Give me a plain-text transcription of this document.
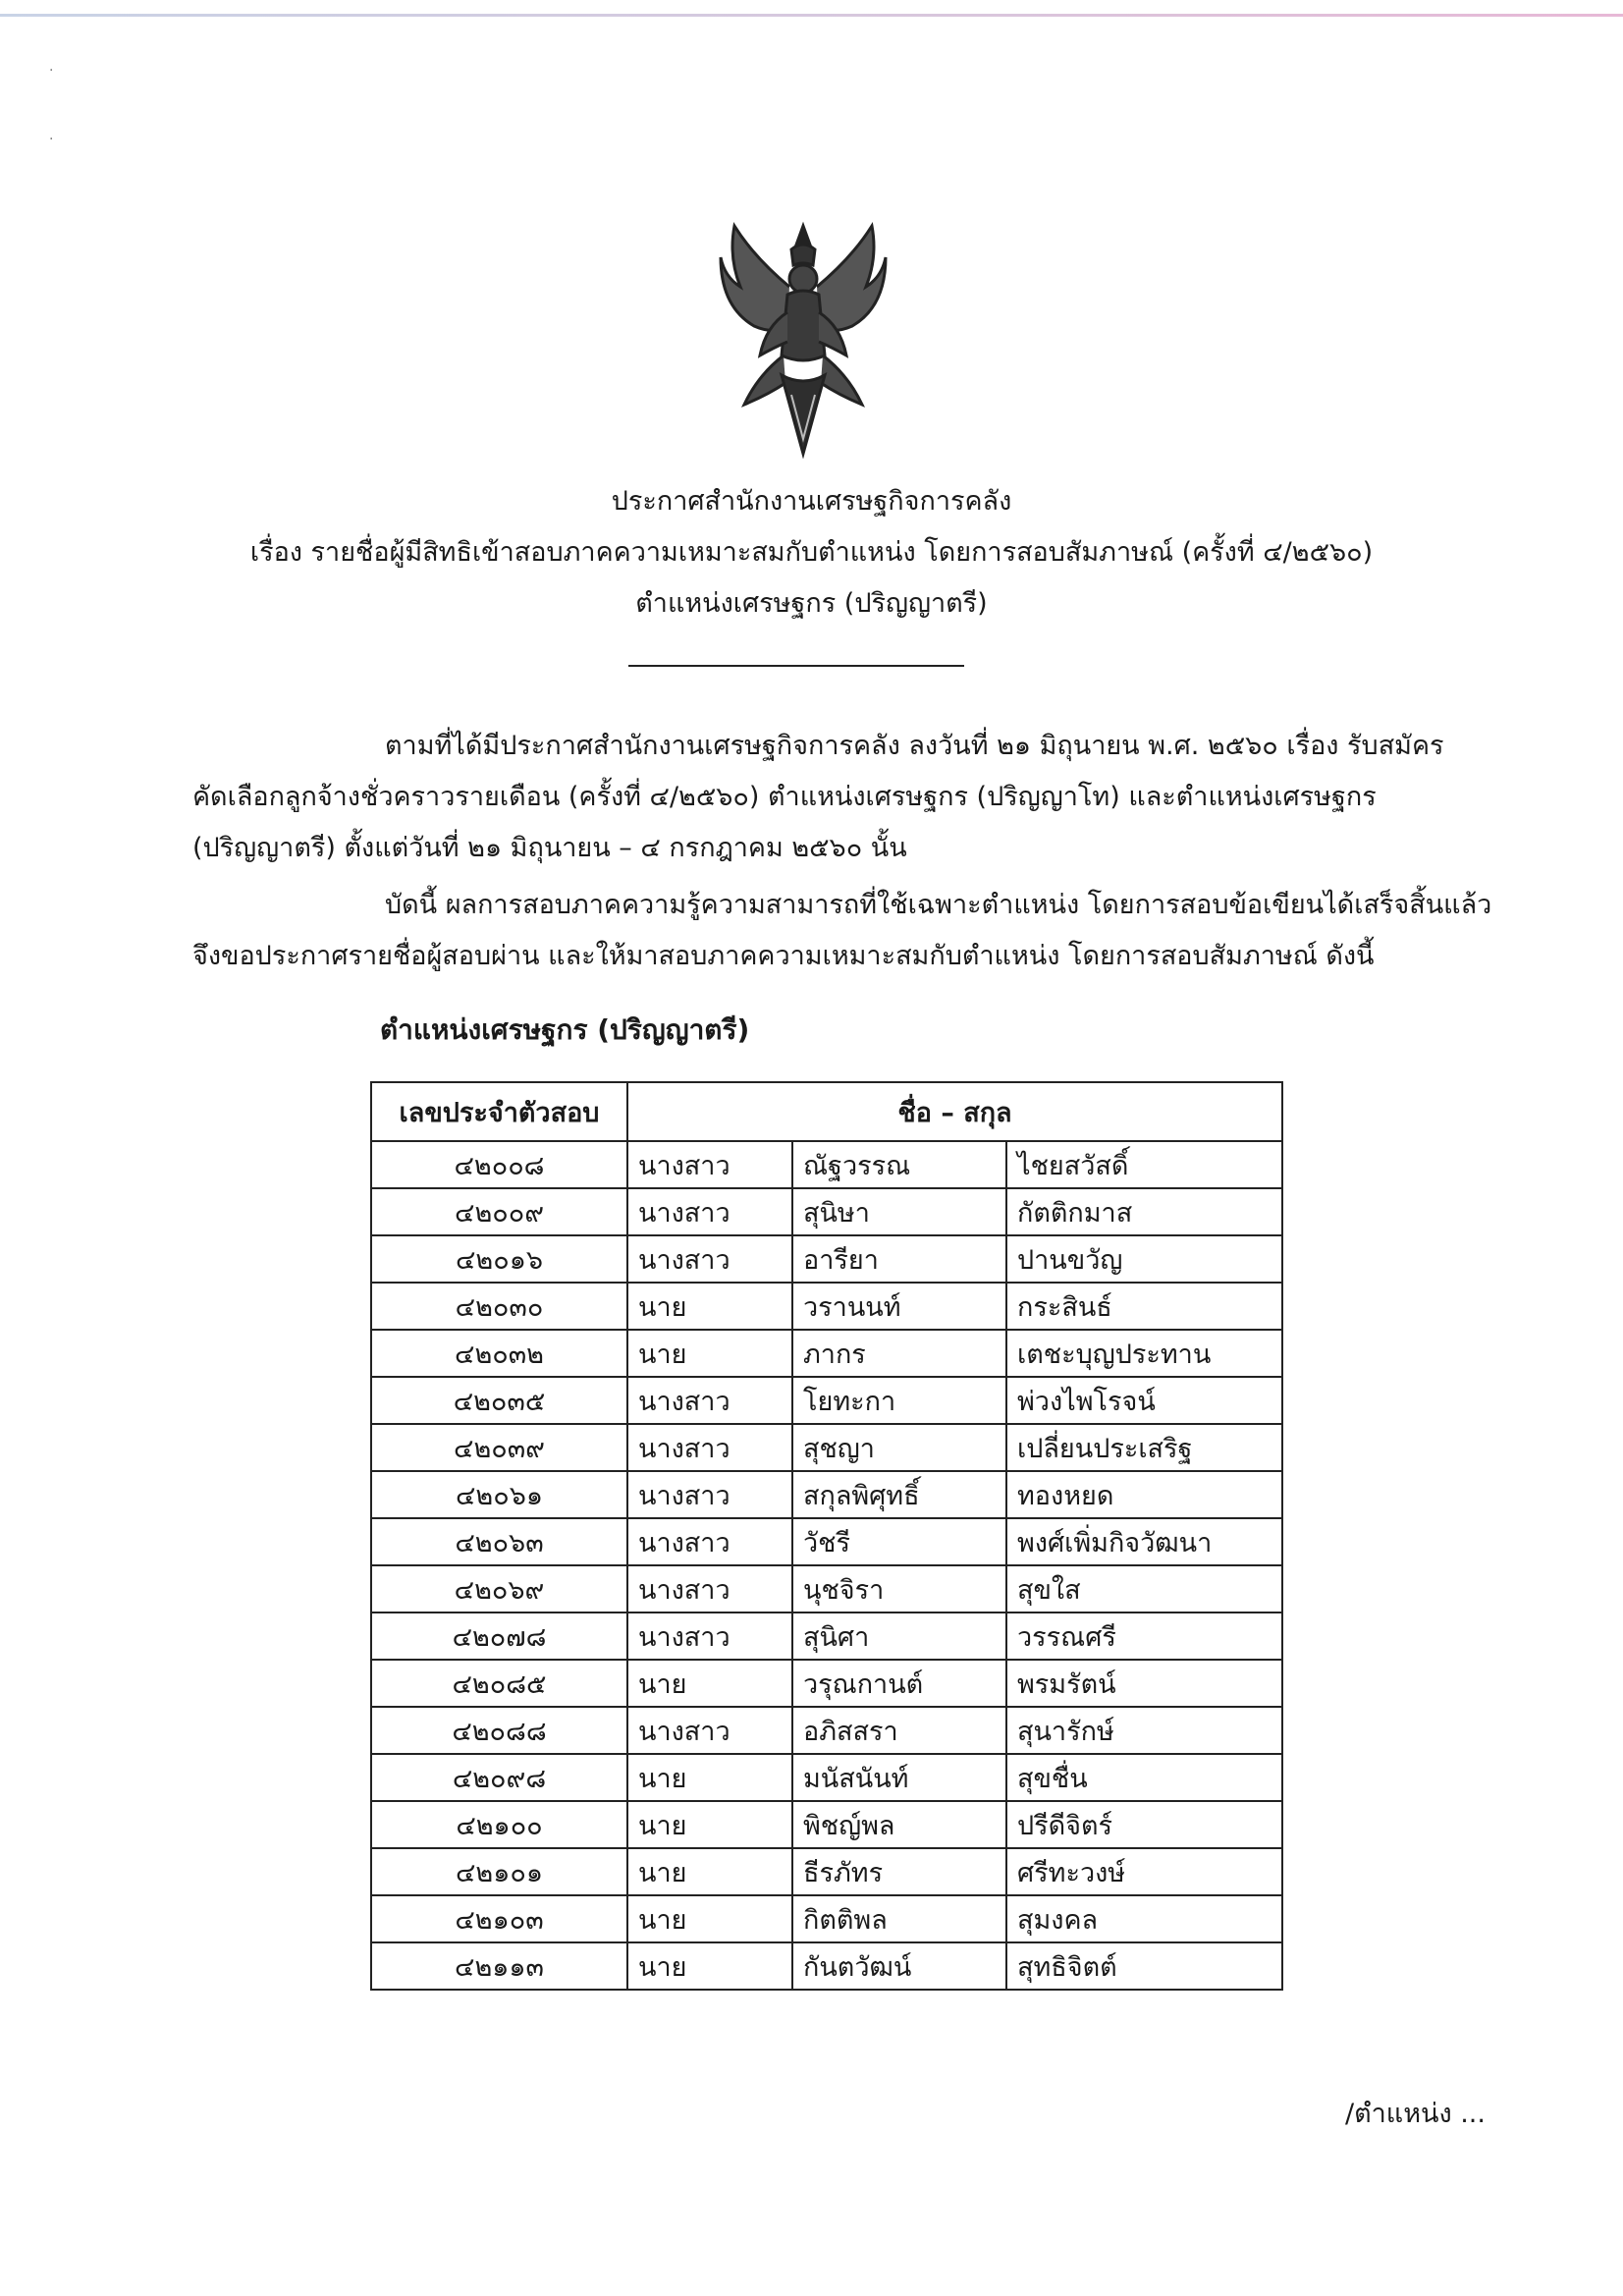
·
·
ประกาศสำนักงานเศรษฐกิจการคลัง
เรื่อง รายชื่อผู้มีสิทธิเข้าสอบภาคความเหมาะสมกับตำแหน่ง โดยการสอบสัมภาษณ์ (ครั้งที่ ๔/๒๕๖๐)
ตำแหน่งเศรษฐกร (ปริญญาตรี)
ตามที่ได้มีประกาศสำนักงานเศรษฐกิจการคลัง ลงวันที่ ๒๑ มิถุนายน พ.ศ. ๒๕๖๐ เรื่อง รับสมัคร
คัดเลือกลูกจ้างชั่วคราวรายเดือน (ครั้งที่ ๔/๒๕๖๐) ตำแหน่งเศรษฐกร (ปริญญาโท) และตำแหน่งเศรษฐกร
(ปริญญาตรี) ตั้งแต่วันที่ ๒๑ มิถุนายน – ๔ กรกฎาคม ๒๕๖๐ นั้น
บัดนี้ ผลการสอบภาคความรู้ความสามารถที่ใช้เฉพาะตำแหน่ง โดยการสอบข้อเขียนได้เสร็จสิ้นแล้ว
จึงขอประกาศรายชื่อผู้สอบผ่าน และให้มาสอบภาคความเหมาะสมกับตำแหน่ง โดยการสอบสัมภาษณ์ ดังนี้
ตำแหน่งเศรษฐกร (ปริญญาตรี)
เลขประจำตัวสอบ	ชื่อ – สกุล		
๔๒๐๐๘	นางสาว	ณัฐวรรณ	ไชยสวัสดิ์
๔๒๐๐๙	นางสาว	สุนิษา	กัตติกมาส
๔๒๐๑๖	นางสาว	อารียา	ปานขวัญ
๔๒๐๓๐	นาย	วรานนท์	กระสินธ์
๔๒๐๓๒	นาย	ภากร	เตชะบุญประทาน
๔๒๐๓๕	นางสาว	โยทะกา	พ่วงไพโรจน์
๔๒๐๓๙	นางสาว	สุชญา	เปลี่ยนประเสริฐ
๔๒๐๖๑	นางสาว	สกุลพิศุทธิ์	ทองหยด
๔๒๐๖๓	นางสาว	วัชรี	พงศ์เพิ่มกิจวัฒนา
๔๒๐๖๙	นางสาว	นุชจิรา	สุขใส
๔๒๐๗๘	นางสาว	สุนิศา	วรรณศรี
๔๒๐๘๕	นาย	วรุณกานต์	พรมรัตน์
๔๒๐๘๘	นางสาว	อภิสสรา	สุนารักษ์
๔๒๐๙๘	นาย	มนัสนันท์	สุขชื่น
๔๒๑๐๐	นาย	พิชญ์พล	ปรีดีจิตร์
๔๒๑๐๑	นาย	ธีรภัทร	ศรีทะวงษ์
๔๒๑๐๓	นาย	กิตติพล	สุมงคล
๔๒๑๑๓	นาย	กันตวัฒน์	สุทธิจิตต์
/ตำแหน่ง ...
